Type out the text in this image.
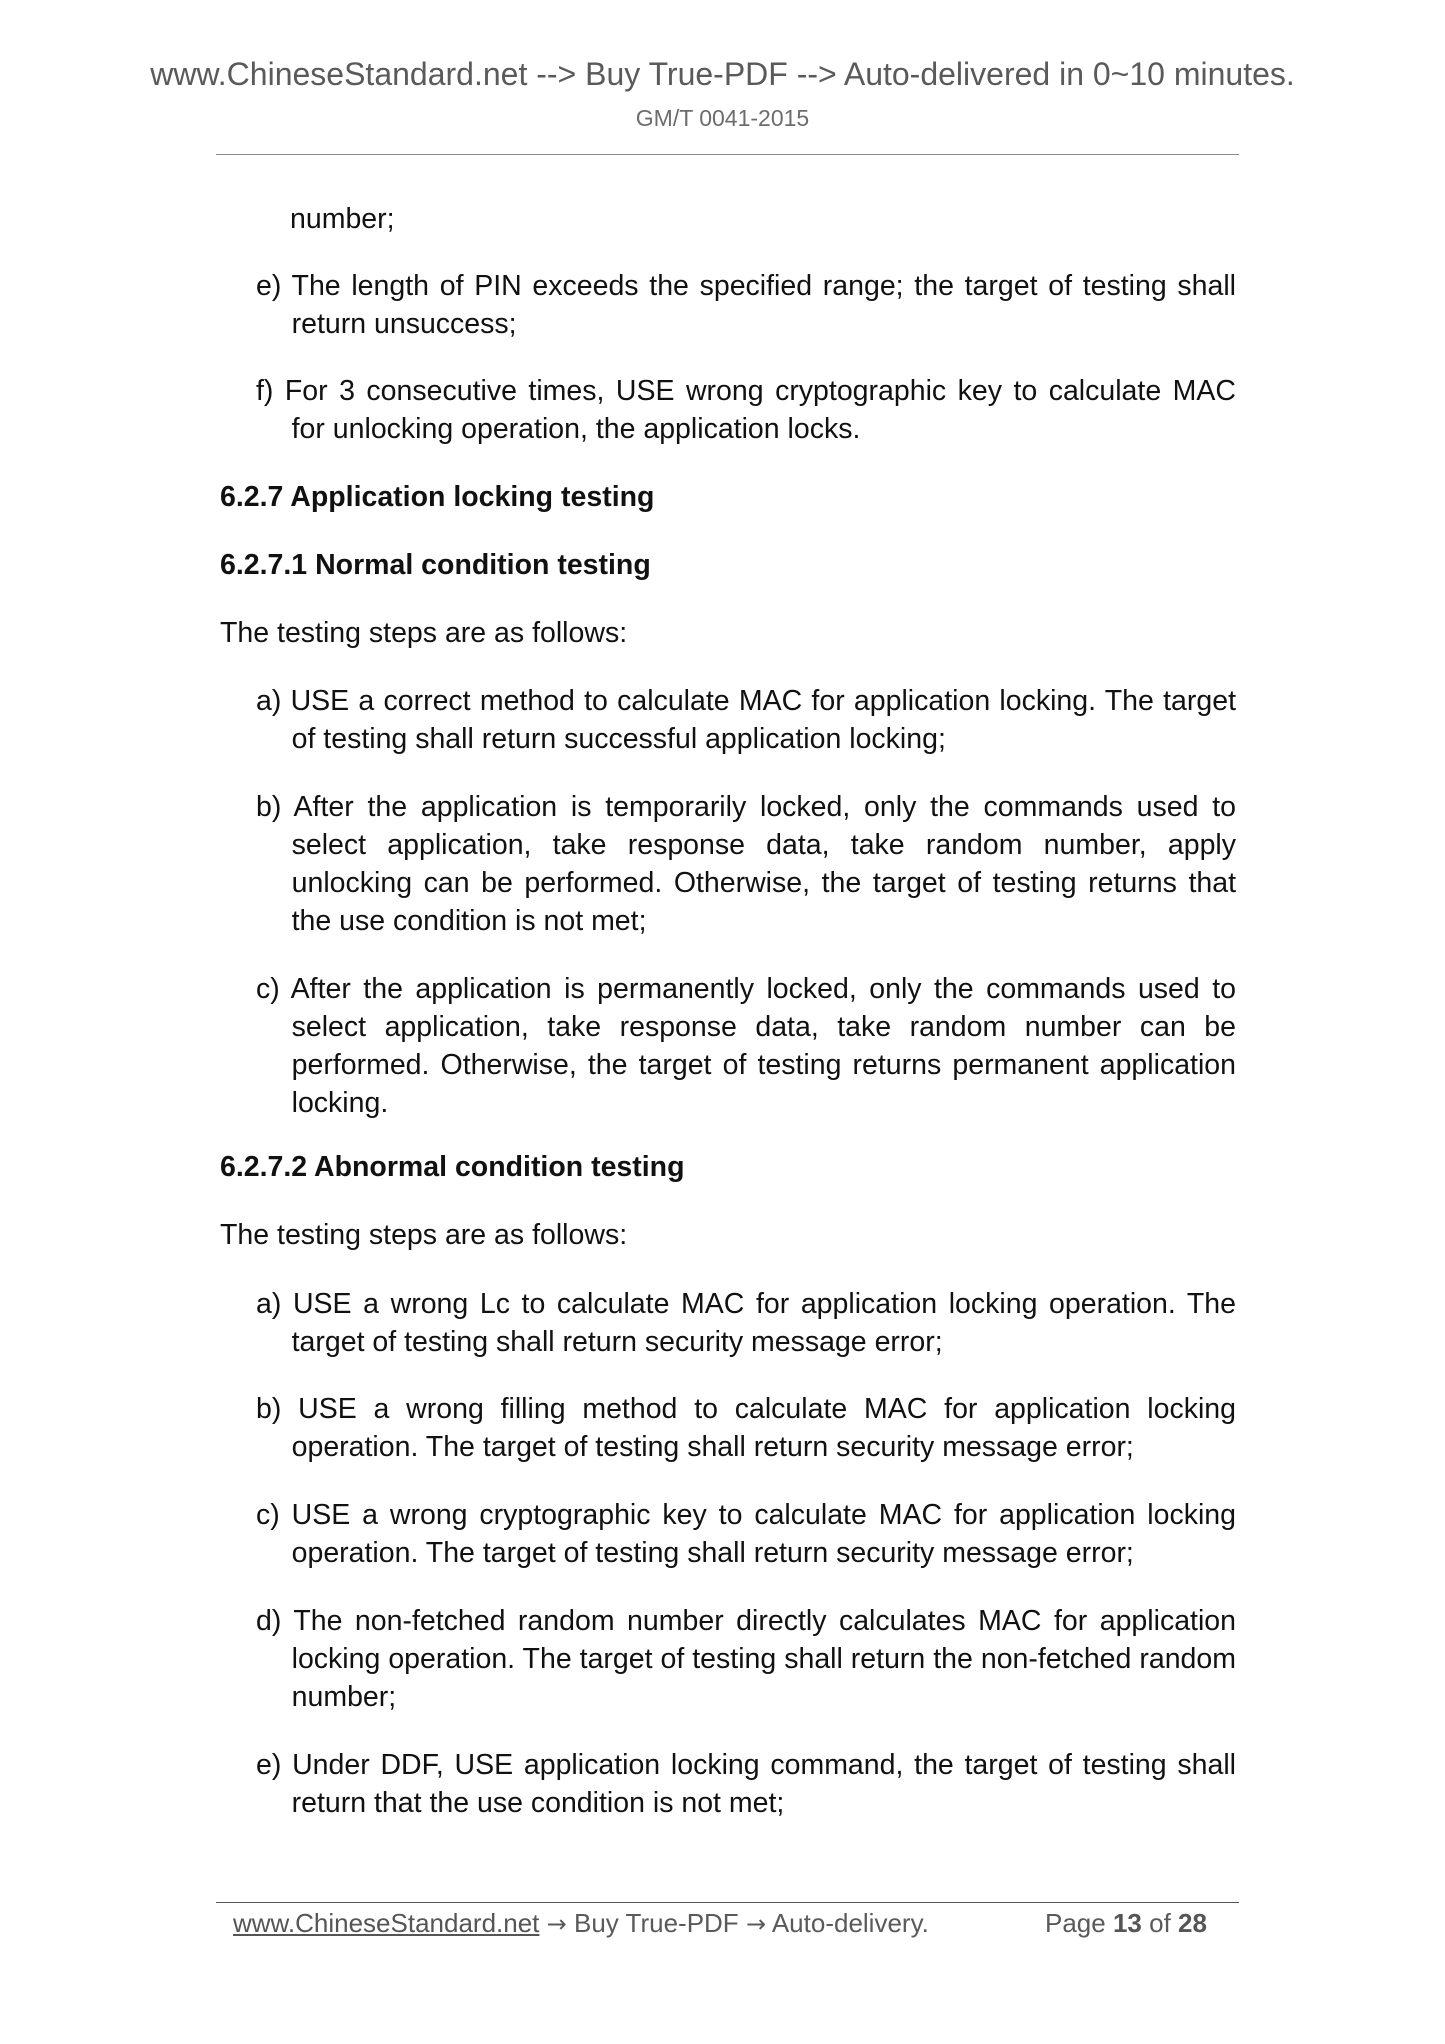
www.ChineseStandard.net --> Buy True-PDF --> Auto-delivered in 0~10 minutes.
GM/T 0041-2015

number;

e) The length of PIN exceeds the specified range; the target of testing shall return unsuccess;

f) For 3 consecutive times, USE wrong cryptographic key to calculate MAC for unlocking operation, the application locks.

6.2.7 Application locking testing

6.2.7.1 Normal condition testing

The testing steps are as follows:

a) USE a correct method to calculate MAC for application locking. The target of testing shall return successful application locking;

b) After the application is temporarily locked, only the commands used to select application, take response data, take random number, apply unlocking can be performed. Otherwise, the target of testing returns that the use condition is not met;

c) After the application is permanently locked, only the commands used to select application, take response data, take random number can be performed. Otherwise, the target of testing returns permanent application locking.

6.2.7.2 Abnormal condition testing

The testing steps are as follows:

a) USE a wrong Lc to calculate MAC for application locking operation. The target of testing shall return security message error;

b) USE a wrong filling method to calculate MAC for application locking operation. The target of testing shall return security message error;

c) USE a wrong cryptographic key to calculate MAC for application locking operation. The target of testing shall return security message error;

d) The non-fetched random number directly calculates MAC for application locking operation. The target of testing shall return the non-fetched random number;

e) Under DDF, USE application locking command, the target of testing shall return that the use condition is not met;

www.ChineseStandard.net → Buy True-PDF → Auto-delivery.	Page 13 of 28
